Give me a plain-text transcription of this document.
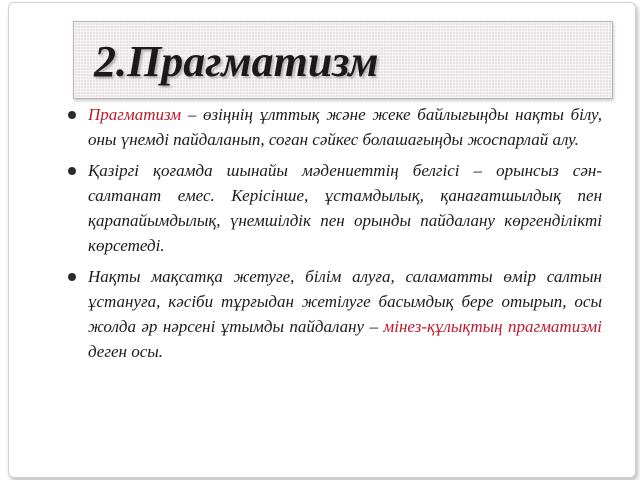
2.Прагматизм

Прагматизм – өзіңнің ұлттық және жеке байлығыңды нақты білу, оны үнемді пайдаланып, соған сәйкес болашағыңды жоспарлай алу.

Қазіргі қоғамда шынайы мәдениеттің белгісі – орынсыз сән-салтанат емес. Керісінше, ұстамдылық, қанағатшылдық пен қарапайымдылық, үнемшілдік пен орынды пайдалану көргенділікті көрсетеді.

Нақты мақсатқа жетуге, білім алуға, саламатты өмір салтын ұстануға, кәсіби тұрғыдан жетілуге басымдық бере отырып, осы жолда әр нәрсені ұтымды пайдалану – мінез-құлықтың прагматизмі деген осы.
